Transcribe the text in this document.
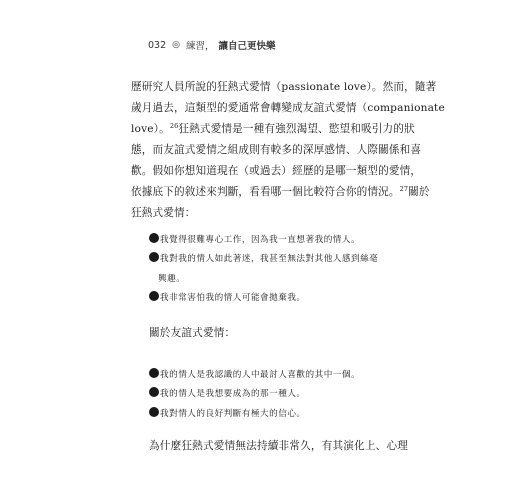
032 ◎ 練習， 讓自己更快樂

歷研究人員所說的狂熱式愛情（passionate love）。然而，隨著
歲月過去，這類型的愛通常會轉變成友誼式愛情（companionate
love）。$^{26}$狂熱式愛情是一種有強烈渴望、慾望和吸引力的狀
態，而友誼式愛情之組成則有較多的深厚感情、人際關係和喜
歡。假如你想知道現在（或過去）經歷的是哪一類型的愛情，
依據底下的敘述來判斷，看看哪一個比較符合你的情況。$^{27}$關於
狂熱式愛情：

我覺得很難專心工作，因為我一直想著我的情人。
我對我的情人如此著迷，我甚至無法對其他人感到絲毫
興趣。
我非常害怕我的情人可能會拋棄我。
關於友誼式愛情：
我的情人是我認識的人中最討人喜歡的其中一個。
我的情人是我想要成為的那一種人。
我對情人的良好判斷有極大的信心。
為什麼狂熱式愛情無法持續非常久，有其演化上、心理
